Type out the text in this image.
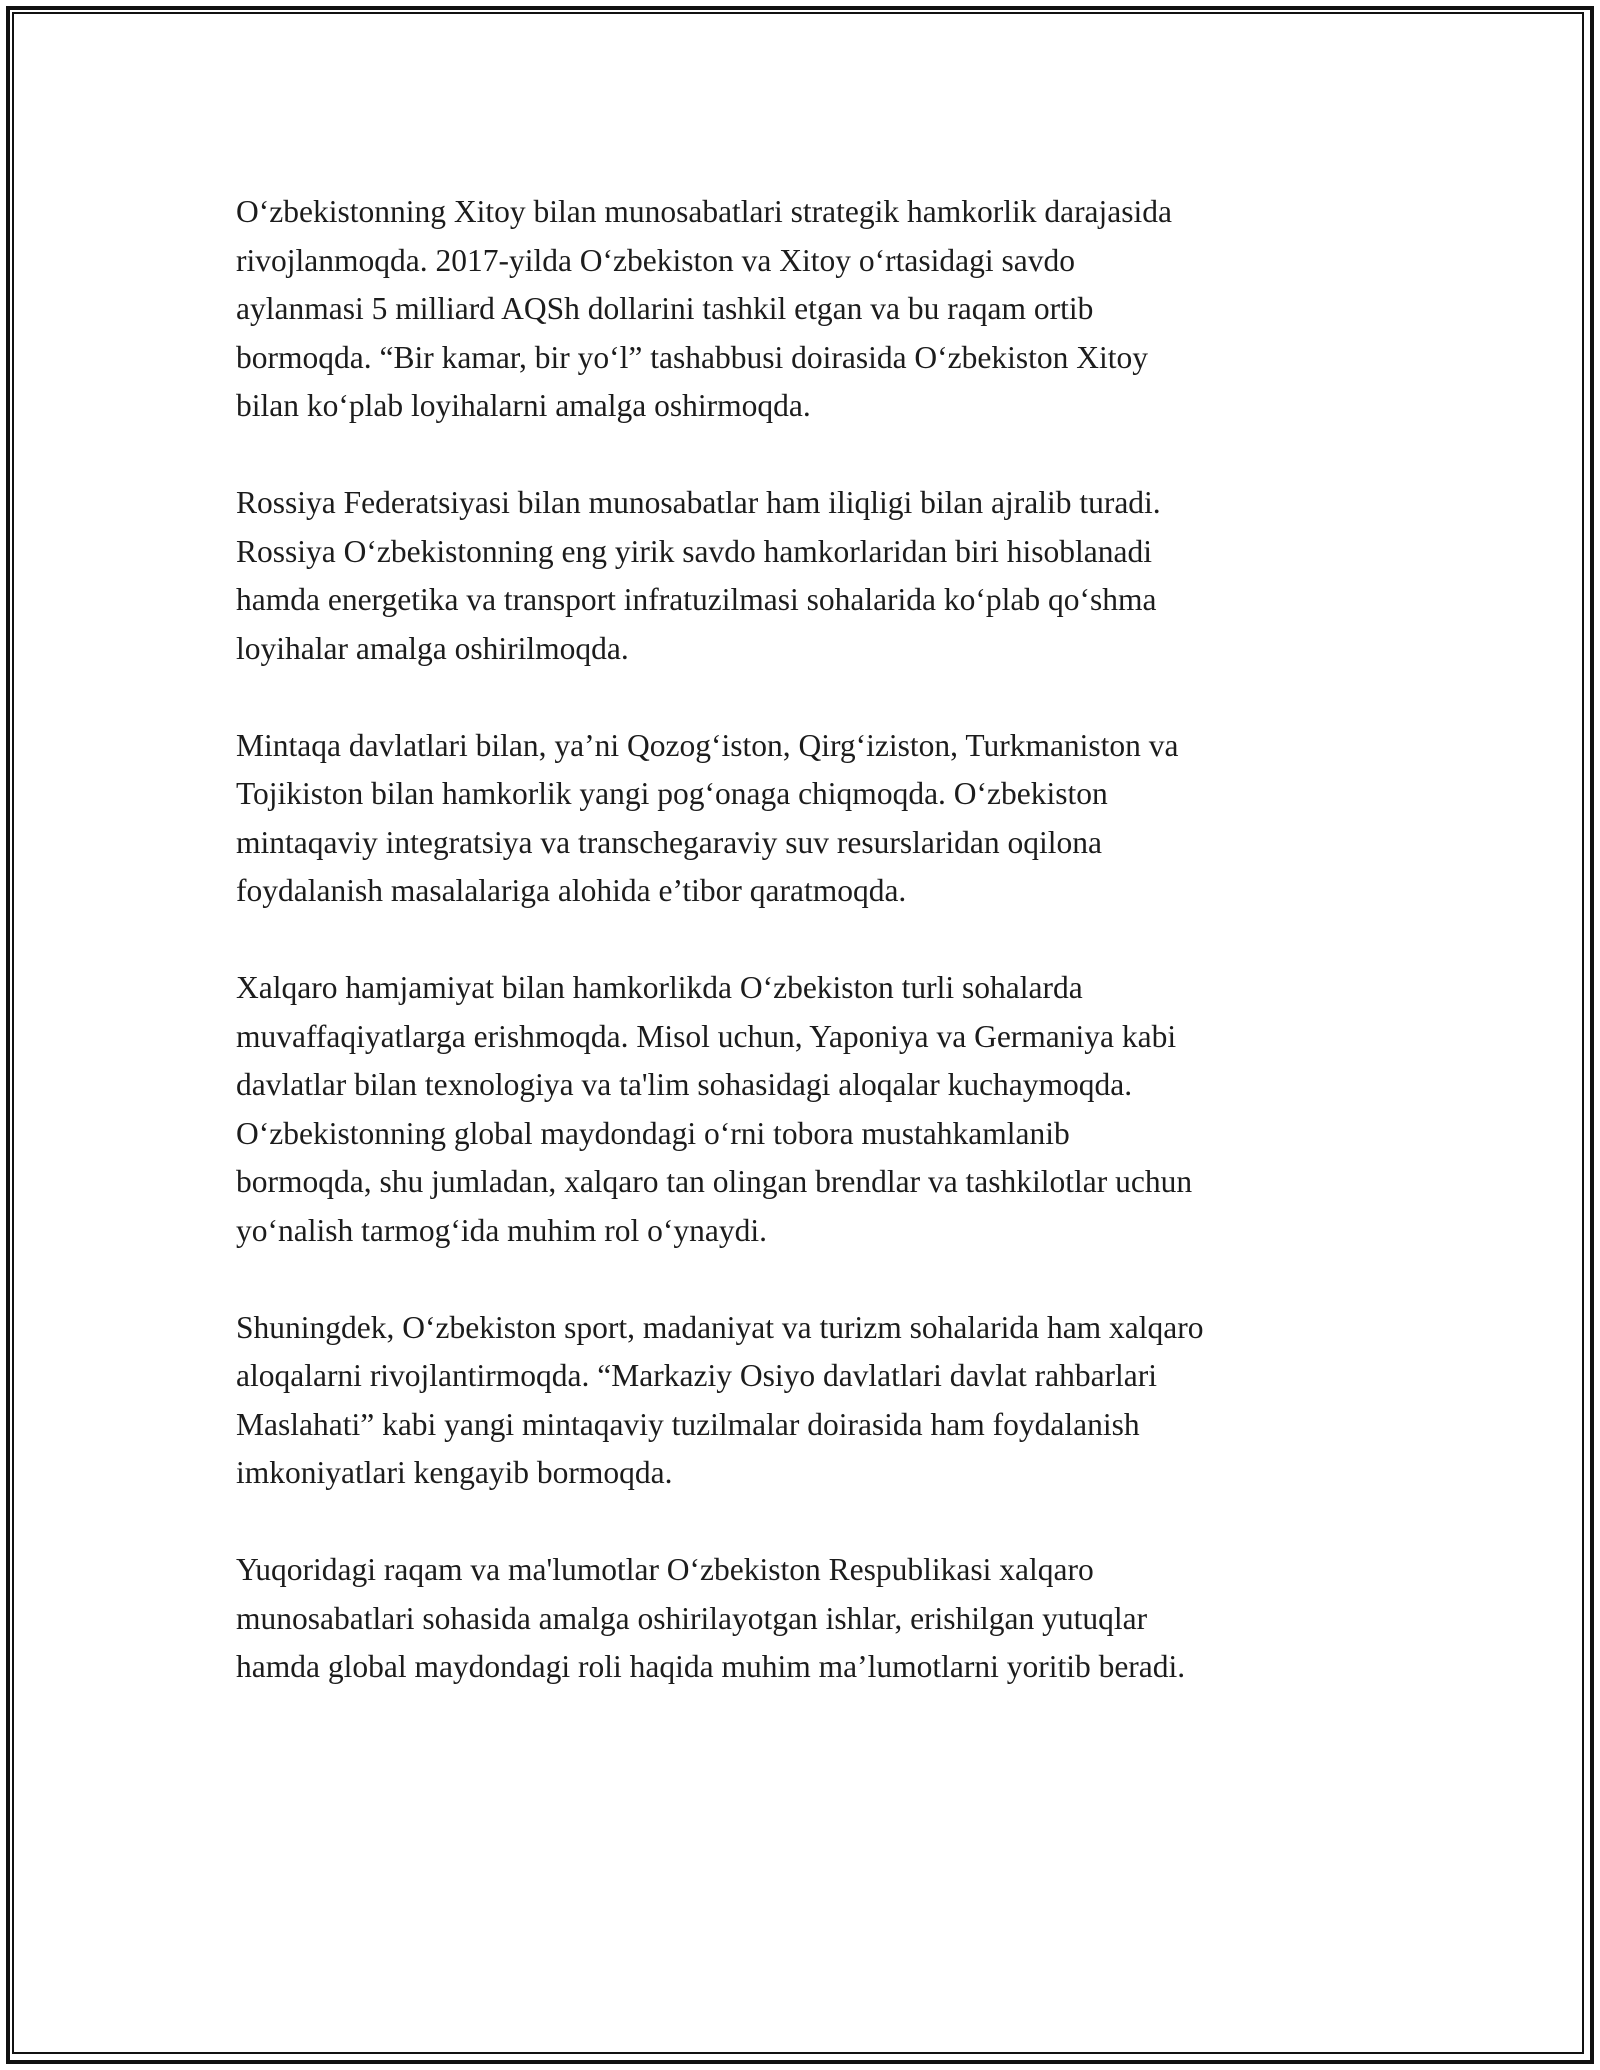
O‘zbekistonning Xitoy bilan munosabatlari strategik hamkorlik darajasida
rivojlanmoqda. 2017-yilda O‘zbekiston va Xitoy o‘rtasidagi savdo
aylanmasi 5 milliard AQSh dollarini tashkil etgan va bu raqam ortib
bormoqda. “Bir kamar, bir yo‘l” tashabbusi doirasida O‘zbekiston Xitoy
bilan ko‘plab loyihalarni amalga oshirmoqda.

Rossiya Federatsiyasi bilan munosabatlar ham iliqligi bilan ajralib turadi.
Rossiya O‘zbekistonning eng yirik savdo hamkorlaridan biri hisoblanadi
hamda energetika va transport infratuzilmasi sohalarida ko‘plab qo‘shma
loyihalar amalga oshirilmoqda.

Mintaqa davlatlari bilan, ya’ni Qozog‘iston, Qirg‘iziston, Turkmaniston va
Tojikiston bilan hamkorlik yangi pog‘onaga chiqmoqda. O‘zbekiston
mintaqaviy integratsiya va transchegaraviy suv resurslaridan oqilona
foydalanish masalalariga alohida e’tibor qaratmoqda.

Xalqaro hamjamiyat bilan hamkorlikda O‘zbekiston turli sohalarda
muvaffaqiyatlarga erishmoqda. Misol uchun, Yaponiya va Germaniya kabi
davlatlar bilan texnologiya va ta'lim sohasidagi aloqalar kuchaymoqda.
O‘zbekistonning global maydondagi o‘rni tobora mustahkamlanib
bormoqda, shu jumladan, xalqaro tan olingan brendlar va tashkilotlar uchun
yo‘nalish tarmog‘ida muhim rol o‘ynaydi.

Shuningdek, O‘zbekiston sport, madaniyat va turizm sohalarida ham xalqaro
aloqalarni rivojlantirmoqda. “Markaziy Osiyo davlatlari davlat rahbarlari
Maslahati” kabi yangi mintaqaviy tuzilmalar doirasida ham foydalanish
imkoniyatlari kengayib bormoqda.

Yuqoridagi raqam va ma'lumotlar O‘zbekiston Respublikasi xalqaro
munosabatlari sohasida amalga oshirilayotgan ishlar, erishilgan yutuqlar
hamda global maydondagi roli haqida muhim ma’lumotlarni yoritib beradi.
